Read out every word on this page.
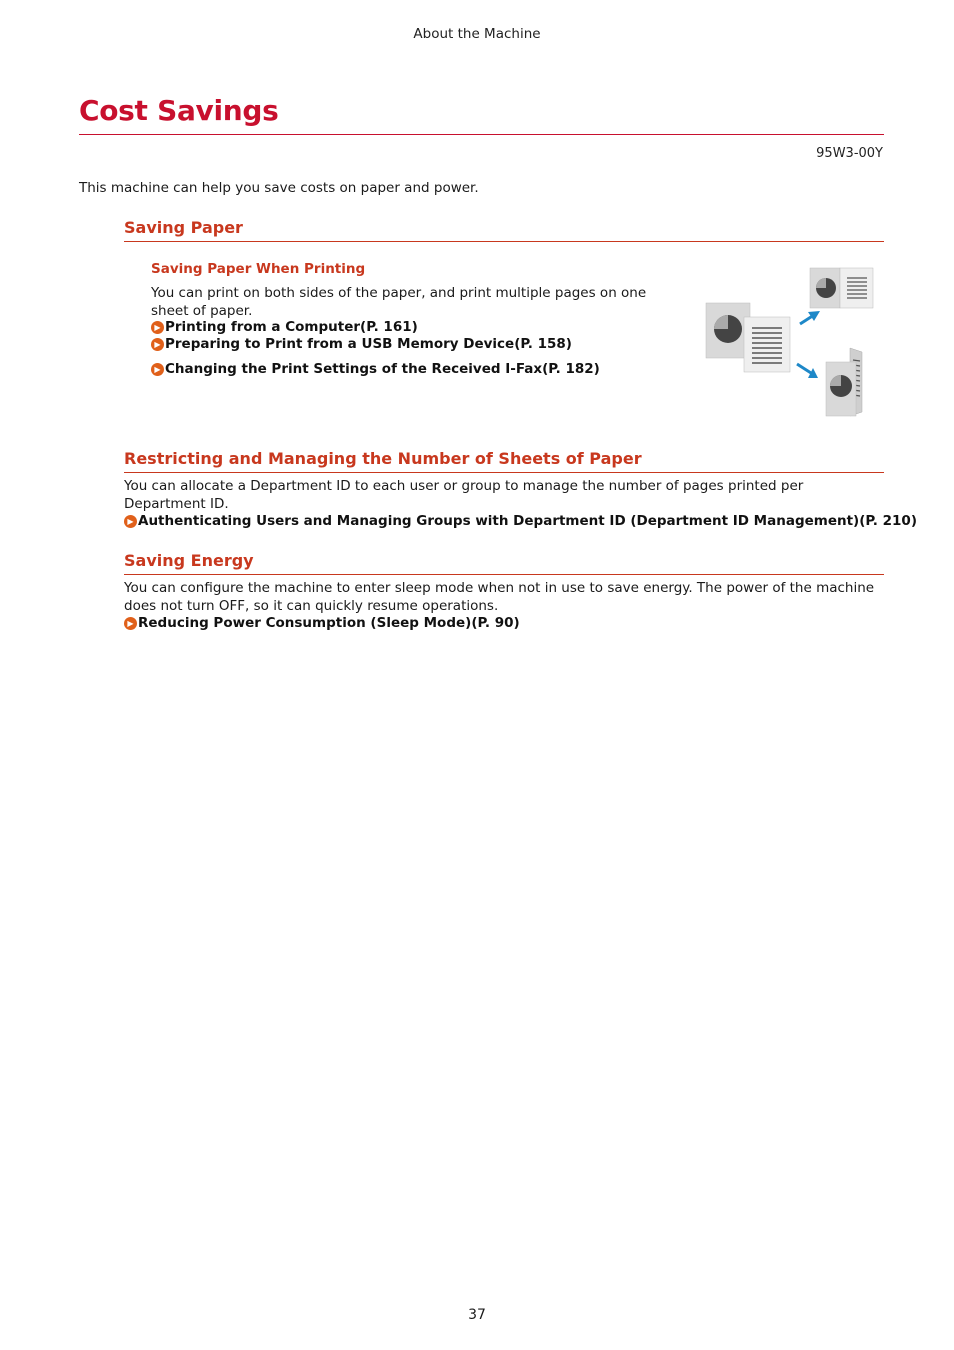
About the Machine
Cost Savings
95W3-00Y
This machine can help you save costs on paper and power.
Saving Paper
Saving Paper When Printing
You can print on both sides of the paper, and print multiple pages on one
sheet of paper.
▶ Printing from a Computer(P. 161)
▶ Preparing to Print from a USB Memory Device(P. 158)
▶ Changing the Print Settings of the Received I-Fax(P. 182)
Restricting and Managing the Number of Sheets of Paper
You can allocate a Department ID to each user or group to manage the number of pages printed per
Department ID.
▶ Authenticating Users and Managing Groups with Department ID (Department ID Management)(P. 210)
Saving Energy
You can configure the machine to enter sleep mode when not in use to save energy. The power of the machine
does not turn OFF, so it can quickly resume operations.
▶ Reducing Power Consumption (Sleep Mode)(P. 90)
37
